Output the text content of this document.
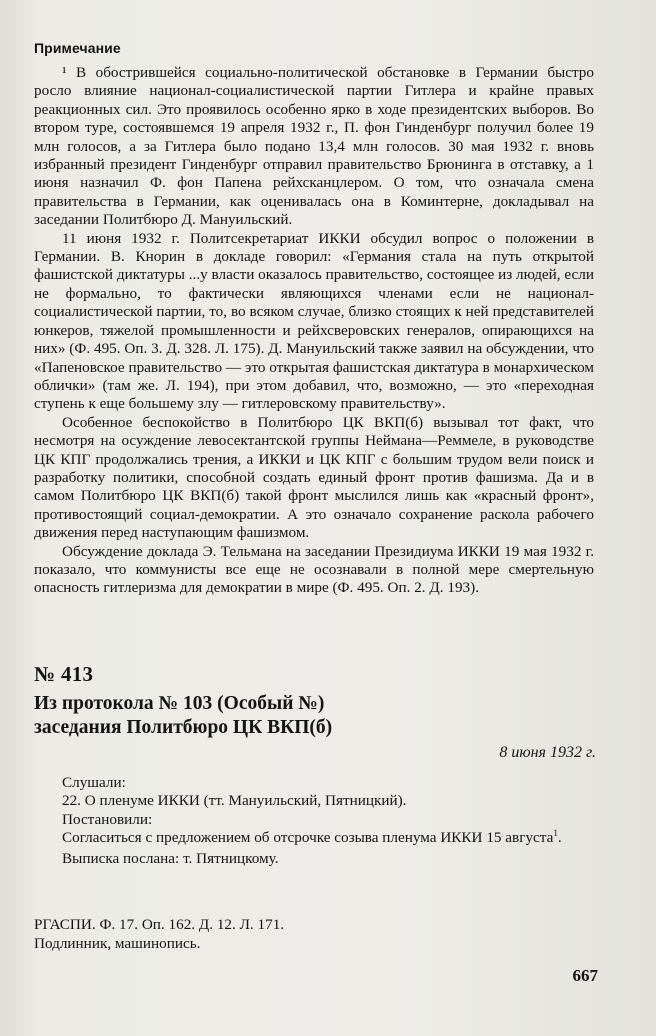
Примечание

¹ В обострившейся социально-политической обстановке в Германии быстро росло влияние национал-социалистической партии Гитлера и крайне правых реакционных сил. Это проявилось особенно ярко в ходе президентских выборов. Во втором туре, состоявшемся 19 апреля 1932 г., П. фон Гинденбург получил более 19 млн голосов, а за Гитлера было подано 13,4 млн голосов. 30 мая 1932 г. вновь избранный президент Гинденбург отправил правительство Брюнинга в отставку, а 1 июня назначил Ф. фон Папена рейхсканцлером. О том, что означала смена правительства в Германии, как оценивалась она в Коминтерне, докладывал на заседании Политбюро Д. Мануильский.

11 июня 1932 г. Политсекретариат ИККИ обсудил вопрос о положении в Германии. В. Кнорин в докладе говорил: «Германия стала на путь открытой фашистской диктатуры ...у власти оказалось правительство, состоящее из людей, если не формально, то фактически являющихся членами если не национал-социалистической партии, то, во всяком случае, близко стоящих к ней представителей юнкеров, тяжелой промышленности и рейхсверовских генералов, опирающихся на них» (Ф. 495. Оп. 3. Д. 328. Л. 175). Д. Мануильский также заявил на обсуждении, что «Папеновское правительство — это открытая фашистская диктатура в монархическом облички» (там же. Л. 194), при этом добавил, что, возможно, — это «переходная ступень к еще большему злу — гитлеровскому правительству».

Особенное беспокойство в Политбюро ЦК ВКП(б) вызывал тот факт, что несмотря на осуждение левосектантской группы Неймана—Реммеле, в руководстве ЦК КПГ продолжались трения, а ИККИ и ЦК КПГ с большим трудом вели поиск и разработку политики, способной создать единый фронт против фашизма. Да и в самом Политбюро ЦК ВКП(б) такой фронт мыслился лишь как «красный фронт», противостоящий социал-демократии. А это означало сохранение раскола рабочего движения перед наступающим фашизмом.

Обсуждение доклада Э. Тельмана на заседании Президиума ИККИ 19 мая 1932 г. показало, что коммунисты все еще не осознавали в полной мере смертельную опасность гитлеризма для демократии в мире (Ф. 495. Оп. 2. Д. 193).

№ 413
Из протокола № 103 (Особый №)
заседания Политбюро ЦК ВКП(б)
8 июня 1932 г.

Слушали:

22. О пленуме ИККИ (тт. Мануильский, Пятницкий).

Постановили:

Согласиться с предложением об отсрочке созыва пленума ИККИ 15 августа$^1$.

Выписка послана: т. Пятницкому.

РГАСПИ. Ф. 17. Оп. 162. Д. 12. Л. 171.

Подлинник, машинопись.

667
